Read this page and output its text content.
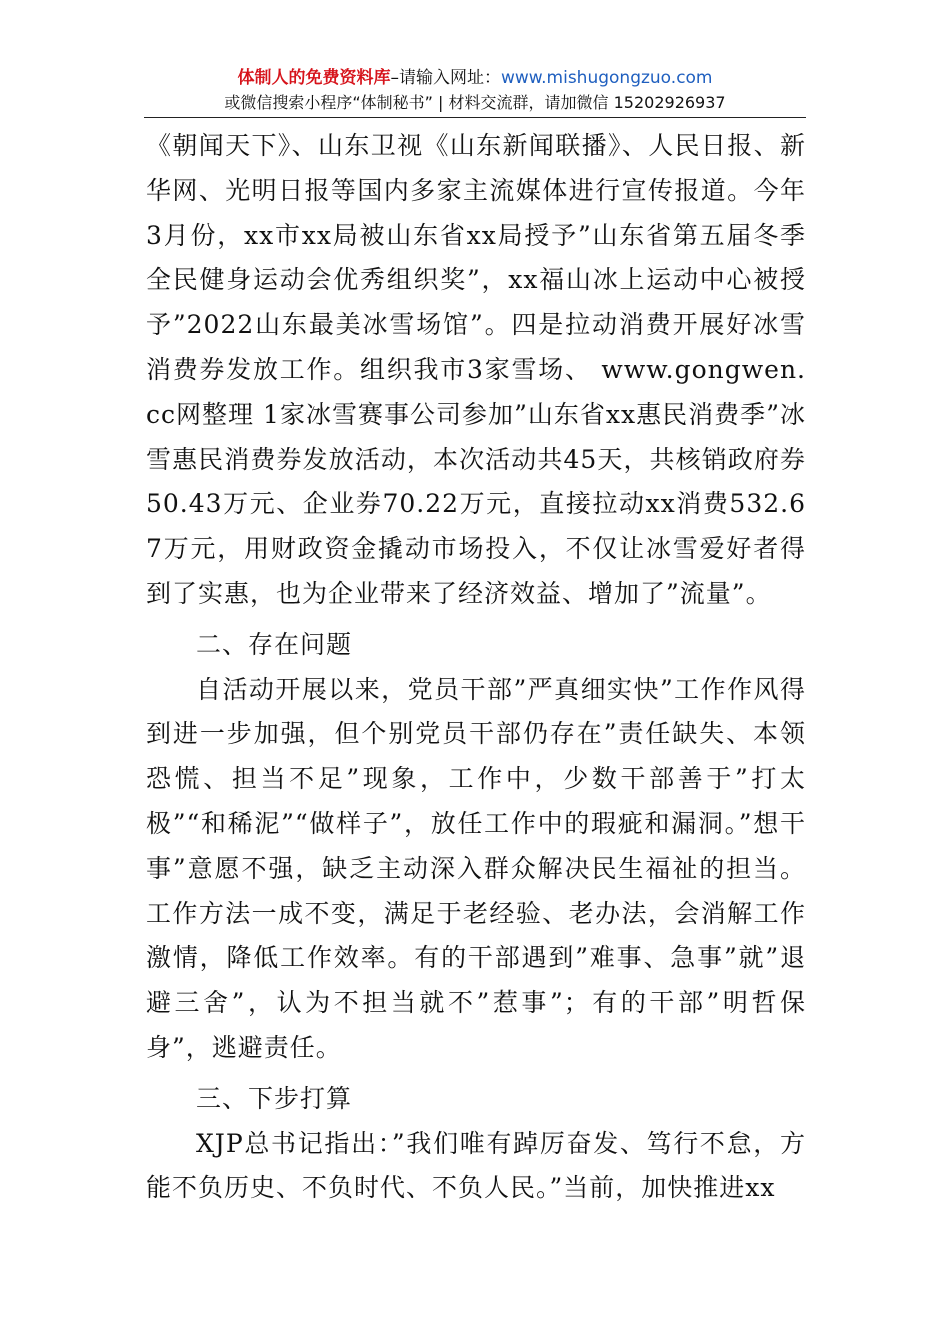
体制人的免费资料库–请输入网址：www.mishugongzuo.com
或微信搜索小程序“体制秘书” | 材料交流群，请加微信 15202926937

《朝闻天下》、山东卫视《山东新闻联播》、人民日报、新华网、光明日报等国内多家主流媒体进行宣传报道。今年3月份，xx市xx局被山东省xx局授予”山东省第五届冬季全民健身运动会优秀组织奖”，xx福山冰上运动中心被授予”2022山东最美冰雪场馆”。四是拉动消费开展好冰雪消费券发放工作。组织我市3家雪场、 www.gongwen.cc网整理 1家冰雪赛事公司参加”山东省xx惠民消费季”冰雪惠民消费券发放活动，本次活动共45天，共核销政府券50.43万元、企业券70.22万元，直接拉动xx消费532.67万元，用财政资金撬动市场投入，不仅让冰雪爱好者得到了实惠，也为企业带来了经济效益、增加了”流量”。

二、存在问题

自活动开展以来，党员干部”严真细实快”工作作风得到进一步加强，但个别党员干部仍存在”责任缺失、本领恐慌、担当不足”现象，工作中，少数干部善于”打太极”“和稀泥”“做样子”，放任工作中的瑕疵和漏洞。”想干事”意愿不强，缺乏主动深入群众解决民生福祉的担当。工作方法一成不变，满足于老经验、老办法，会消解工作激情，降低工作效率。有的干部遇到”难事、急事”就”退避三舍”，认为不担当就不”惹事”；有的干部”明哲保身”，逃避责任。

三、下步打算

XJP总书记指出：”我们唯有踔厉奋发、笃行不怠，方能不负历史、不负时代、不负人民。”当前，加快推进xx
